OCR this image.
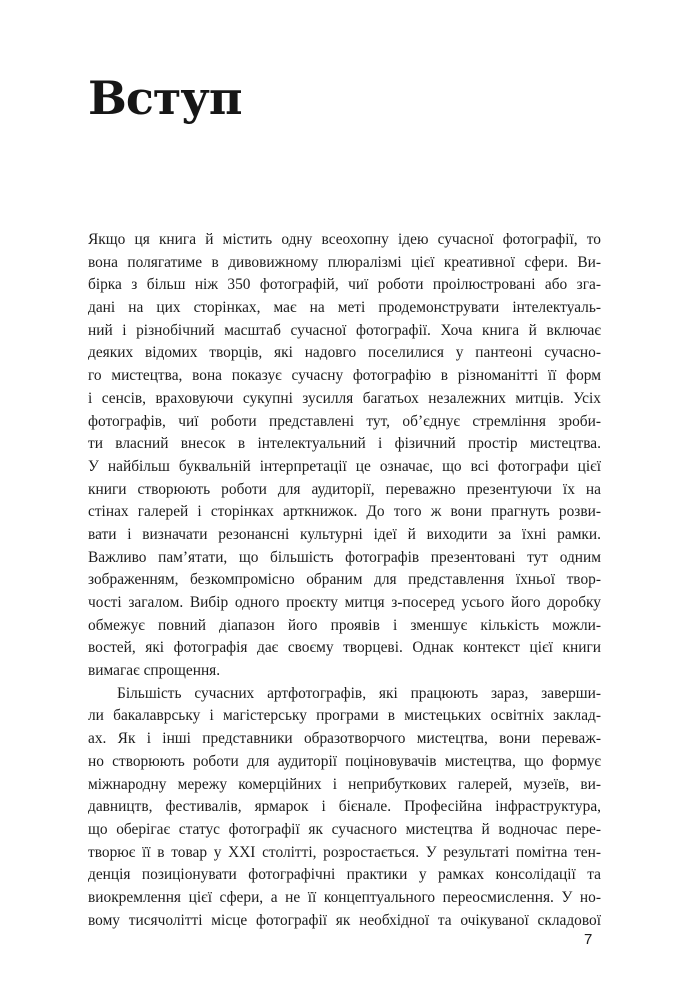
Вступ
Якщо ця книга й містить одну всеохопну ідею сучасної фотографії, то
вона полягатиме в дивовижному плюралізмі цієї креативної сфери. Ви-
бірка з більш ніж 350 фотографій, чиї роботи проілюстровані або зга-
дані на цих сторінках, має на меті продемонструвати інтелектуаль-
ний і різнобічний масштаб сучасної фотографії. Хоча книга й включає
деяких відомих творців, які надовго поселилися у пантеоні сучасно-
го мистецтва, вона показує сучасну фотографію в різноманітті її форм
і сенсів, враховуючи сукупні зусилля багатьох незалежних митців. Усіх
фотографів, чиї роботи представлені тут, об’єднує стремління зроби-
ти власний внесок в інтелектуальний і фізичний простір мистецтва.
У найбільш буквальній інтерпретації це означає, що всі фотографи цієї
книги створюють роботи для аудиторії, переважно презентуючи їх на
стінах галерей і сторінках арткнижок. До того ж вони прагнуть розви-
вати і визначати резонансні культурні ідеї й виходити за їхні рамки.
Важливо пам’ятати, що більшість фотографів презентовані тут одним
зображенням, безкомпромісно обраним для представлення їхньої твор-
чості загалом. Вибір одного проєкту митця з-посеред усього його доробку
обмежує повний діапазон його проявів і зменшує кількість можли-
востей, які фотографія дає своєму творцеві. Однак контекст цієї книги
вимагає спрощення.
Більшість сучасних артфотографів, які працюють зараз, заверши-
ли бакалаврську і магістерську програми в мистецьких освітніх заклад-
ах. Як і інші представники образотворчого мистецтва, вони переваж-
но створюють роботи для аудиторії поціновувачів мистецтва, що формує
міжнародну мережу комерційних і неприбуткових галерей, музеїв, ви-
давництв, фестивалів, ярмарок і бієнале. Професійна інфраструктура,
що оберігає статус фотографії як сучасного мистецтва й водночас пере-
творює її в товар у XXI столітті, розростається. У результаті помітна тен-
денція позиціонувати фотографічні практики у рамках консолідації та
виокремлення цієї сфери, а не її концептуального переосмислення. У но-
вому тисячолітті місце фотографії як необхідної та очікуваної складової
7
